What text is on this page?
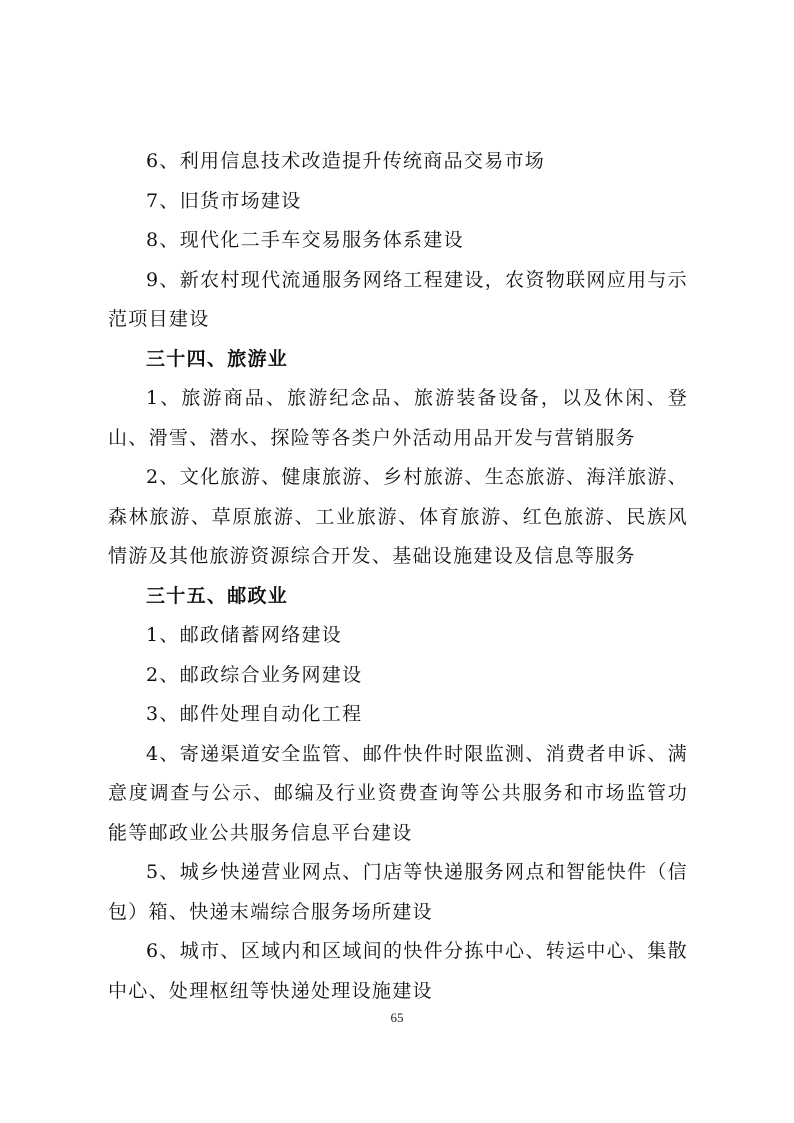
6、利用信息技术改造提升传统商品交易市场

7、旧货市场建设

8、现代化二手车交易服务体系建设

9、新农村现代流通服务网络工程建设，农资物联网应用与示范项目建设

三十四、旅游业

1、旅游商品、旅游纪念品、旅游装备设备，以及休闲、登山、滑雪、潜水、探险等各类户外活动用品开发与营销服务

2、文化旅游、健康旅游、乡村旅游、生态旅游、海洋旅游、森林旅游、草原旅游、工业旅游、体育旅游、红色旅游、民族风情游及其他旅游资源综合开发、基础设施建设及信息等服务

三十五、邮政业

1、邮政储蓄网络建设

2、邮政综合业务网建设

3、邮件处理自动化工程

4、寄递渠道安全监管、邮件快件时限监测、消费者申诉、满意度调查与公示、邮编及行业资费查询等公共服务和市场监管功能等邮政业公共服务信息平台建设

5、城乡快递营业网点、门店等快递服务网点和智能快件（信包）箱、快递末端综合服务场所建设

6、城市、区域内和区域间的快件分拣中心、转运中心、集散中心、处理枢纽等快递处理设施建设

65
